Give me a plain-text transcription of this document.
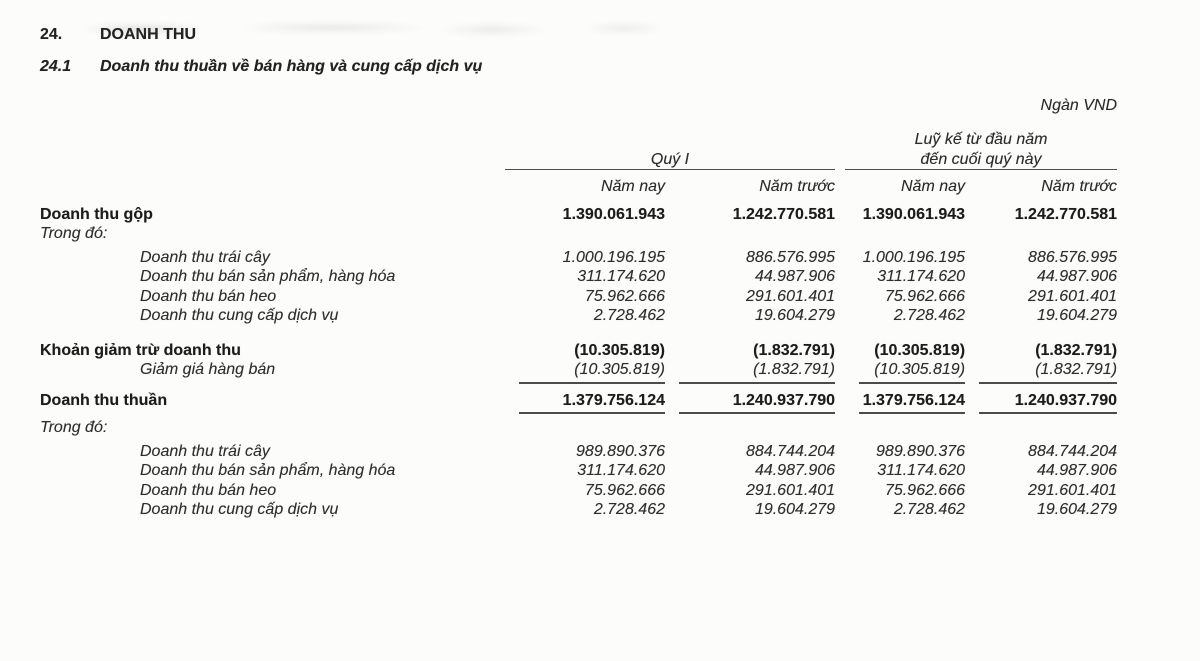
24.	DOANH THU
24.1	Doanh thu thuần về bán hàng và cung cấp dịch vụ
Ngàn VND
	Quý I			Luỹ kế từ đầu năm
đến cuối quý này	
	Năm nay	Năm trước		Năm nay	Năm trước
Doanh thu gộp	1.390.061.943	1.242.770.581		1.390.061.943	1.242.770.581
Trong đó:					
Doanh thu trái cây	1.000.196.195	886.576.995		1.000.196.195	886.576.995
Doanh thu bán sản phẩm, hàng hóa	311.174.620	44.987.906		311.174.620	44.987.906
Doanh thu bán heo	75.962.666	291.601.401		75.962.666	291.601.401
Doanh thu cung cấp dịch vụ	2.728.462	19.604.279		2.728.462	19.604.279
Khoản giảm trừ doanh thu	(10.305.819)	(1.832.791)		(10.305.819)	(1.832.791)
Giảm giá hàng bán	(10.305.819)	(1.832.791)		(10.305.819)	(1.832.791)
Doanh thu thuần	1.379.756.124	1.240.937.790		1.379.756.124	1.240.937.790
Trong đó:					
Doanh thu trái cây	989.890.376	884.744.204		989.890.376	884.744.204
Doanh thu bán sản phẩm, hàng hóa	311.174.620	44.987.906		311.174.620	44.987.906
Doanh thu bán heo	75.962.666	291.601.401		75.962.666	291.601.401
Doanh thu cung cấp dịch vụ	2.728.462	19.604.279		2.728.462	19.604.279
